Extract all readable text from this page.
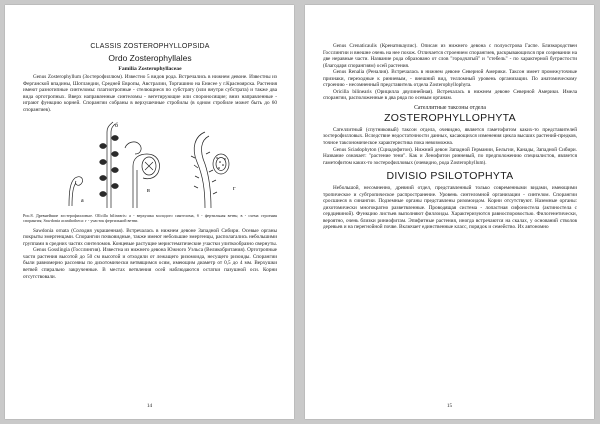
CLASSIS ZOSTEROPHYLLOPSIDA
Ordo Zosterophyllales
Familia Zosterophyllaceae

Genus Zosterophyllum (Зостерофиллюм). Известно 5 видов рода. Встречались в нижнем девоне. Известны из Ферганской впадины, Шотландии, Средней Европы, Австралии, Торгашино на Енисее у г.Красноярска. Растения имеют разнотипные синтеломы: плагиотропные - стелющиеся по субстрату (или внутри субстрата) и также два вида ортотропных. Вверх направленные синтеломы - вегетирующие или спороносящие; вниз направленные - играют функцию корней. Спорангии собраны в верхушечные стробилы (в одном стробиле может быть до 60 спорангиев).

б
а
в	г

Рис.8. Древнейшие зостерофилловые. Ollcilla bilinearis: а - верхушка молодого синтелома, б - фертильная ветвь; в - схема строения спорангия; Sawdonia acanthotheca: г - участок фертильной ветви.

Sawdonia ornata (Солодия украшенная). Встречалась в нижнем девоне Западной Сибири. Осевые органы покрыты эмергенцами. Спорангии почковидные, также имеют небольшие эмергенцы, располагались небольшими группами в средних частях синтеломов. Концевые растущие меристематические участки улиткообразно свернуты.

Genus Gosslingia (Госслингия). Известна из нижнего девона Южного Уэльса (Великобритания). Ортотропные части растения высотой до 50 см высотой и отходили от лежащего ризомоида, несущего ризоиды. Спорангии были равномерно рассеяны по дихотомически ветвящимся осям, имеющим диаметр от 0,5 до 4 мм. Верхушки ветвей спирально закрученные. В местах ветвления осей наблюдаются остатки пазушной оси. Корни отсутствовали.

14

Genus Crenaticaulis (Кренатикаулис). Описан из нижнего девона с полуострова Гаспе. Близкородствен Госслингии и внешне очень на нее похож. Отличается строением спорангиев, раскрывающихся при созревании на две неравные части. Название рода образовано от слов "городчатый" и "стебель" - по характерной бугристости (благодаря спорангиям) осей растения.

Genus Renalia (Реналия). Встречалась в нижнем девоне Северной Америки. Таксон имеет промежуточные признаки, переходные к риниевым, - внешний вид, телломный уровень организации. По анатомическому строению - несомненный представитель отдела Zosterophyllophyta.

Oricilla bilinearis (Орицилла двулинейная). Встречалась в нижнем девоне Северной Америки. Имела спорангии, расположенные в два ряда по осевым органам.

Сателлитные таксоны отдела
ZOSTEROPHYLLOPHYTA

Сателлитный (спутниковый) таксон отдела, очевидно, является гаметофитом каких-то представителей зостерофилловых. Вследствие недостаточности данных, касающихся изменения цикла высших растений-предков, точное таксономическое характеристика пока невозможна.

Genus Sciadophyton (Сциадофитон). Нижний девон Западной Германии, Бельгии, Канады, Западной Сибири. Название означает: "растение тени". Как и Ленофитон ринневый, по предположению специалистов, является гаметофитом каких-то зостерофилловых (очевидно, рода Zosterophyllum).

DIVISIO PSILOTOPHYTA

Небольшой, несомненно, древний отдел, представленный только современными видами, имеющими тропическое и субтропическое распространение. Уровень синтеломной организации - синтелом. Спорангии сросшиеся в синангии. Подземные органы представлены ризомоидом. Корни отсутствуют. Наземные органы: дихотомически многократно разветвленные. Проводящая система - лопастная сифоностела (актиностела с сердцевиной). Функцию листьев выполняют филлоиды. Характеризуются равноспоровостью. Филогенетически, вероятно, очень близки риниофитам. Эпифитные растения, иногда встречаются на скалах, у оснований стволов деревьев и на перегнойной почве. Включает единственные класс, порядок и семейство. Их автономно

15
